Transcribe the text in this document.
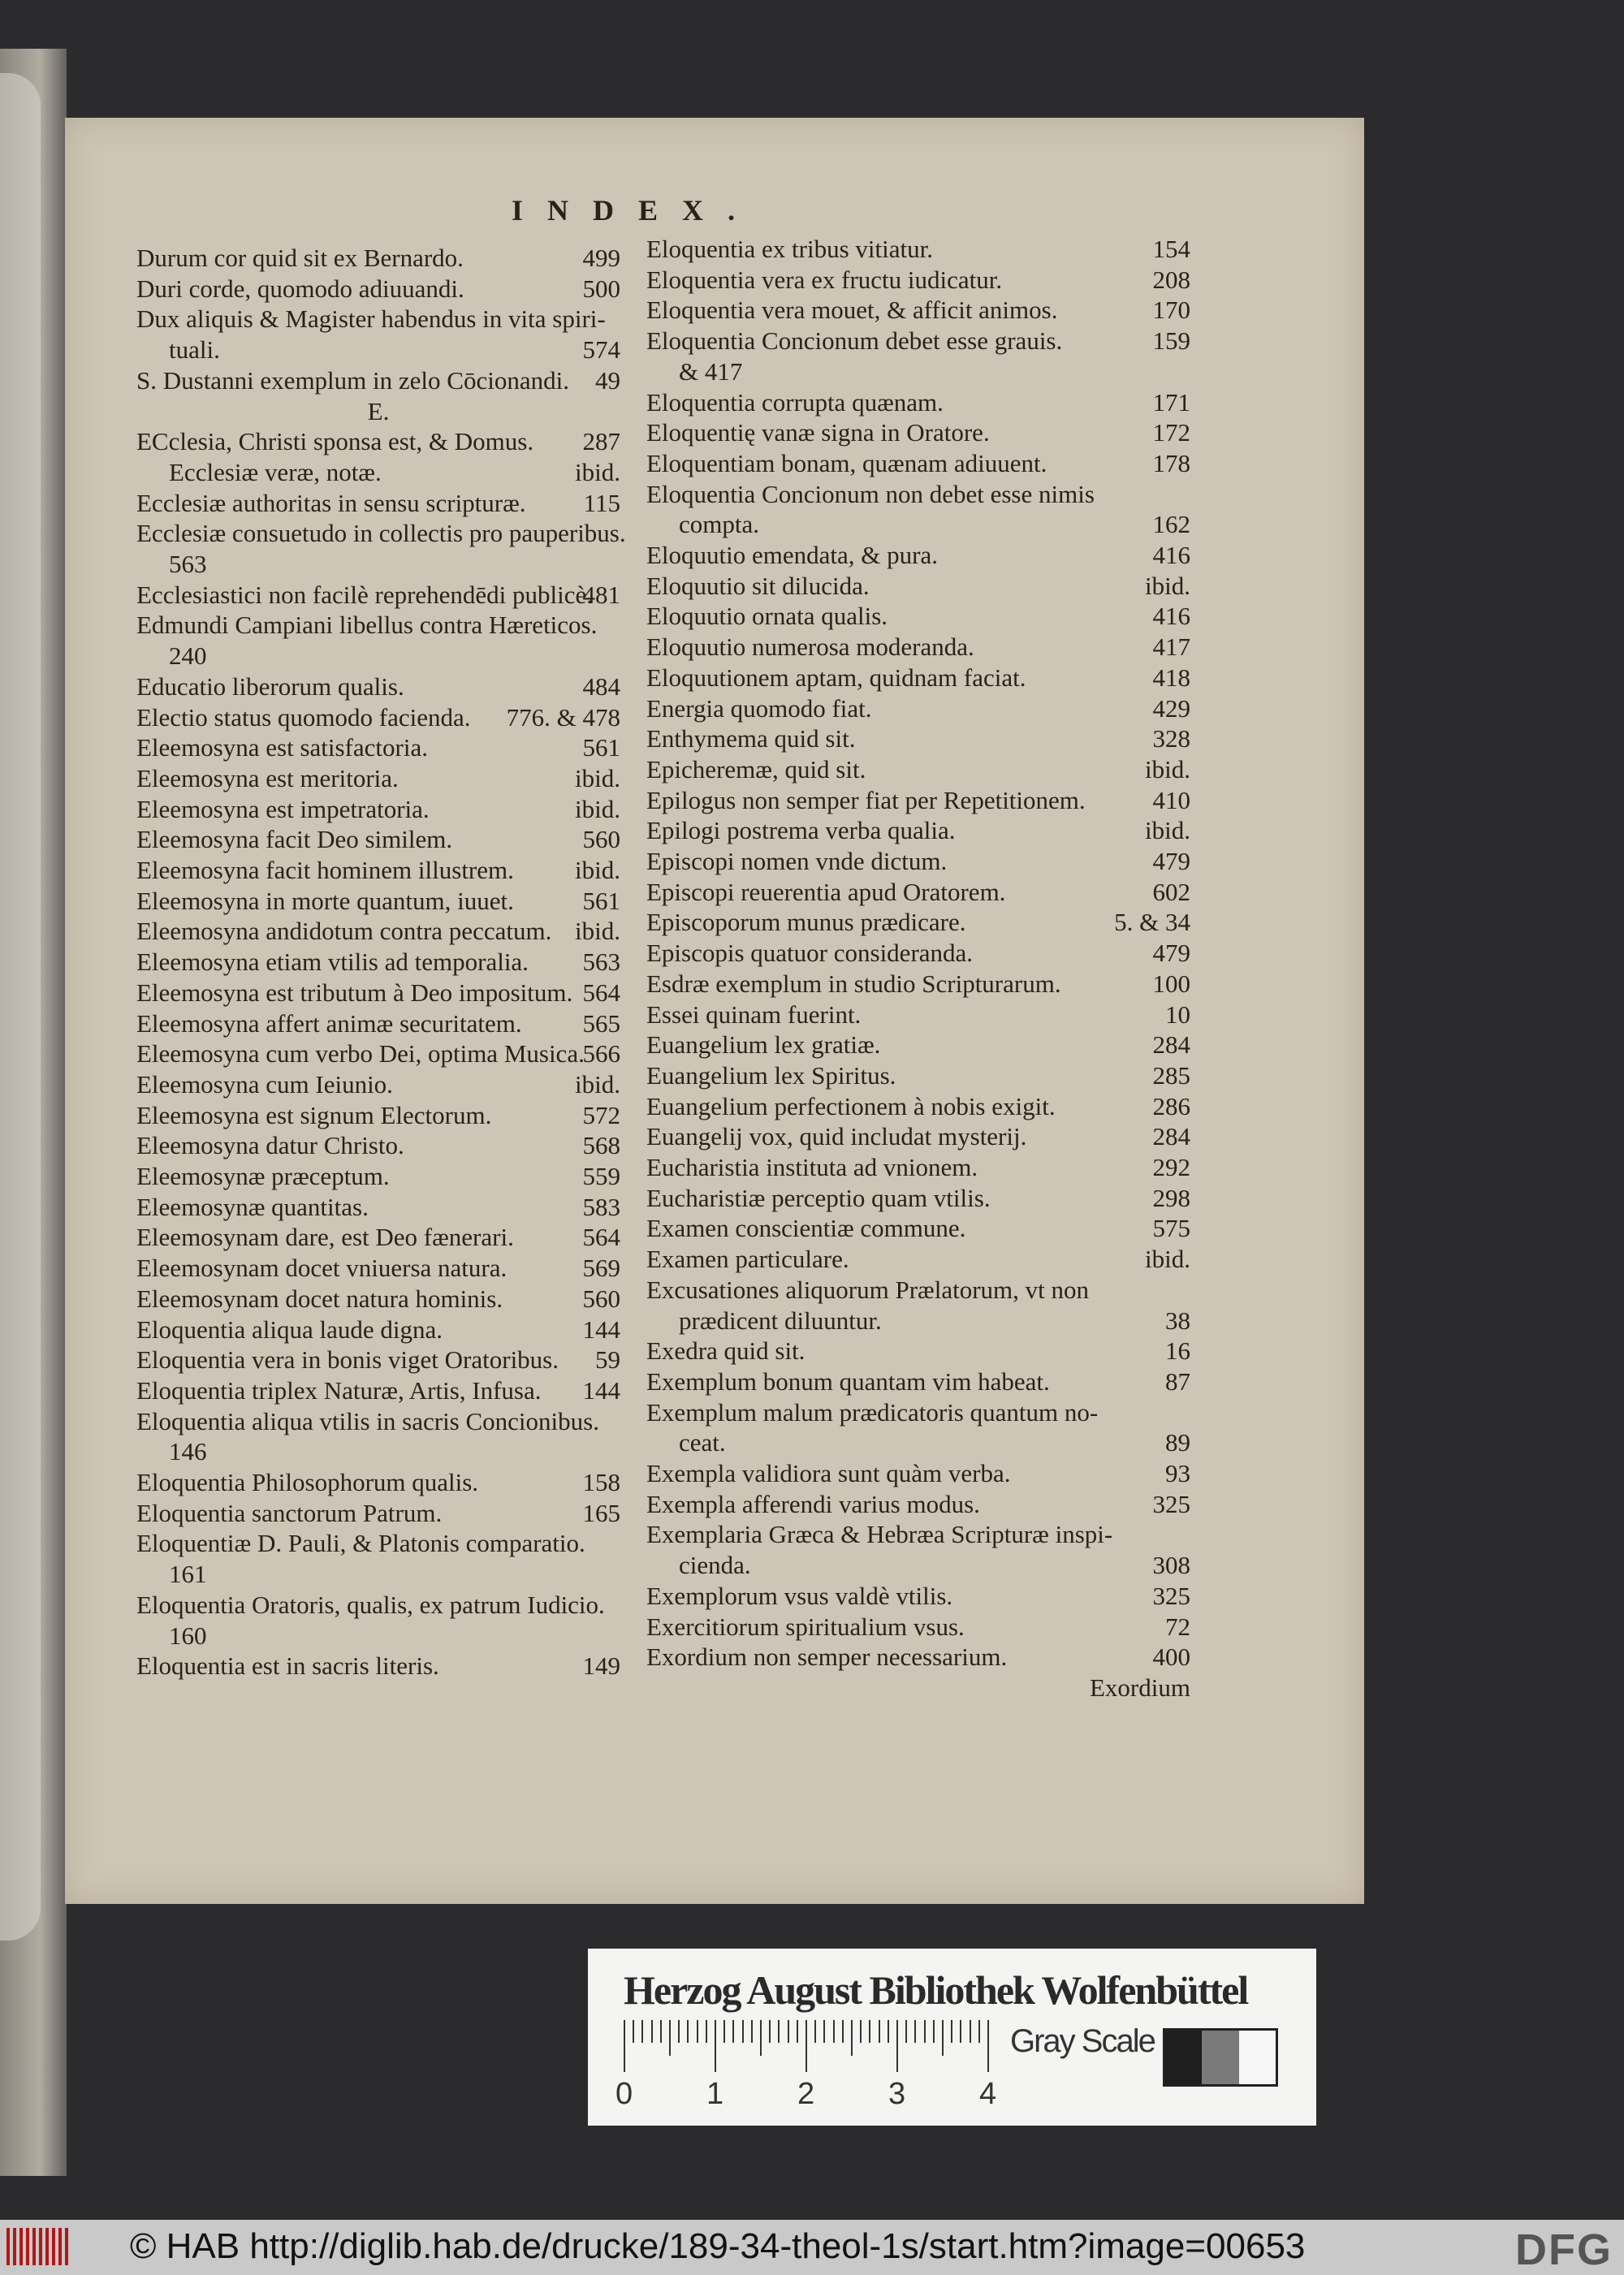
INDEX.
Durum cor quid sit ex Bernardo.	499
Duri corde, quomodo adiuuandi.	500
Dux aliquis & Magister habendus in vita spiri-
tuali.	574
S. Dustanni exemplum in zelo Cōcionandi. 49
E.
ECclesia, Christi sponsa est, & Domus. 287
Ecclesiæ veræ, notæ.	ibid.
Ecclesiæ authoritas in sensu scripturæ. 115
Ecclesiæ consuetudo in collectis pro pauperibus.
563
Ecclesiastici non facilè reprehendēdi publicè.
481
Edmundi Campiani libellus contra Hæreticos.
240
Educatio liberorum qualis.	484
Electio status quomodo facienda. 776. & 478
Eleemosyna est satisfactoria.	561
Eleemosyna est meritoria.	ibid.
Eleemosyna est impetratoria.	ibid.
Eleemosyna facit Deo similem.	560
Eleemosyna facit hominem illustrem. ibid.
Eleemosyna in morte quantum, iuuet.	561
Eleemosyna andidotum contra peccatum. ibid.
Eleemosyna etiam vtilis ad temporalia. 563
Eleemosyna est tributum à Deo impositum. 564
Eleemosyna affert animæ securitatem. 565
Eleemosyna cum verbo Dei, optima Musica.
566
Eleemosyna cum Ieiunio.	ibid.
Eleemosyna est signum Electorum.	572
Eleemosyna datur Christo.	568
Eleemosynæ præceptum.	559
Eleemosynæ quantitas.	583
Eleemosynam dare, est Deo fænerari.	564
Eleemosynam docet vniuersa natura.	569
Eleemosynam docet natura hominis.	560
Eloquentia aliqua laude digna.	144
Eloquentia vera in bonis viget Oratoribus. 59
Eloquentia triplex Naturæ, Artis, Infusa. 144
Eloquentia aliqua vtilis in sacris Concionibus.
146
Eloquentia Philosophorum qualis.	158
Eloquentia sanctorum Patrum.	165
Eloquentiæ D. Pauli, & Platonis comparatio.
161
Eloquentia Oratoris, qualis, ex patrum Iudicio.
160
Eloquentia est in sacris literis.	149
Eloquentia ex tribus vitiatur.	154
Eloquentia vera ex fructu iudicatur.	208
Eloquentia vera mouet, & afficit animos.	170
Eloquentia Concionum debet esse grauis.	159
& 417
Eloquentia corrupta quænam.	171
Eloquentię vanæ signa in Oratore.	172
Eloquentiam bonam, quænam adiuuent.	178
Eloquentia Concionum non debet esse nimis
compta.	162
Eloquutio emendata, & pura.	416
Eloquutio sit dilucida.	ibid.
Eloquutio ornata qualis.	416
Eloquutio numerosa moderanda.	417
Eloquutionem aptam, quidnam faciat.	418
Energia quomodo fiat.	429
Enthymema quid sit.	328
Epicheremæ, quid sit.	ibid.
Epilogus non semper fiat per Repetitionem.	410
Epilogi postrema verba qualia.	ibid.
Episcopi nomen vnde dictum.	479
Episcopi reuerentia apud Oratorem.	602
Episcoporum munus prædicare.	5. & 34
Episcopis quatuor consideranda.	479
Esdræ exemplum in studio Scripturarum.	100
Essei quinam fuerint.	10
Euangelium lex gratiæ.	284
Euangelium lex Spiritus.	285
Euangelium perfectionem à nobis exigit.	286
Euangelij vox, quid includat mysterij.	284
Eucharistia instituta ad vnionem.	292
Eucharistiæ perceptio quam vtilis.	298
Examen conscientiæ commune.	575
Examen particulare.	ibid.
Excusationes aliquorum Prælatorum, vt non
prædicent diluuntur.	38
Exedra quid sit.	16
Exemplum bonum quantam vim habeat.	87
Exemplum malum prædicatoris quantum no-
ceat.	89
Exempla validiora sunt quàm verba.	93
Exempla afferendi varius modus.	325
Exemplaria Græca & Hebræa Scripturæ inspi-
cienda.	308
Exemplorum vsus valdè vtilis.	325
Exercitiorum spiritualium vsus.	72
Exordium non semper necessarium.	400
Exordium
Herzog August Bibliothek Wolfenbüttel
Gray Scale
0 1 2 3 4
© HAB http://diglib.hab.de/drucke/189-34-theol-1s/start.htm?image=00653	DFG
